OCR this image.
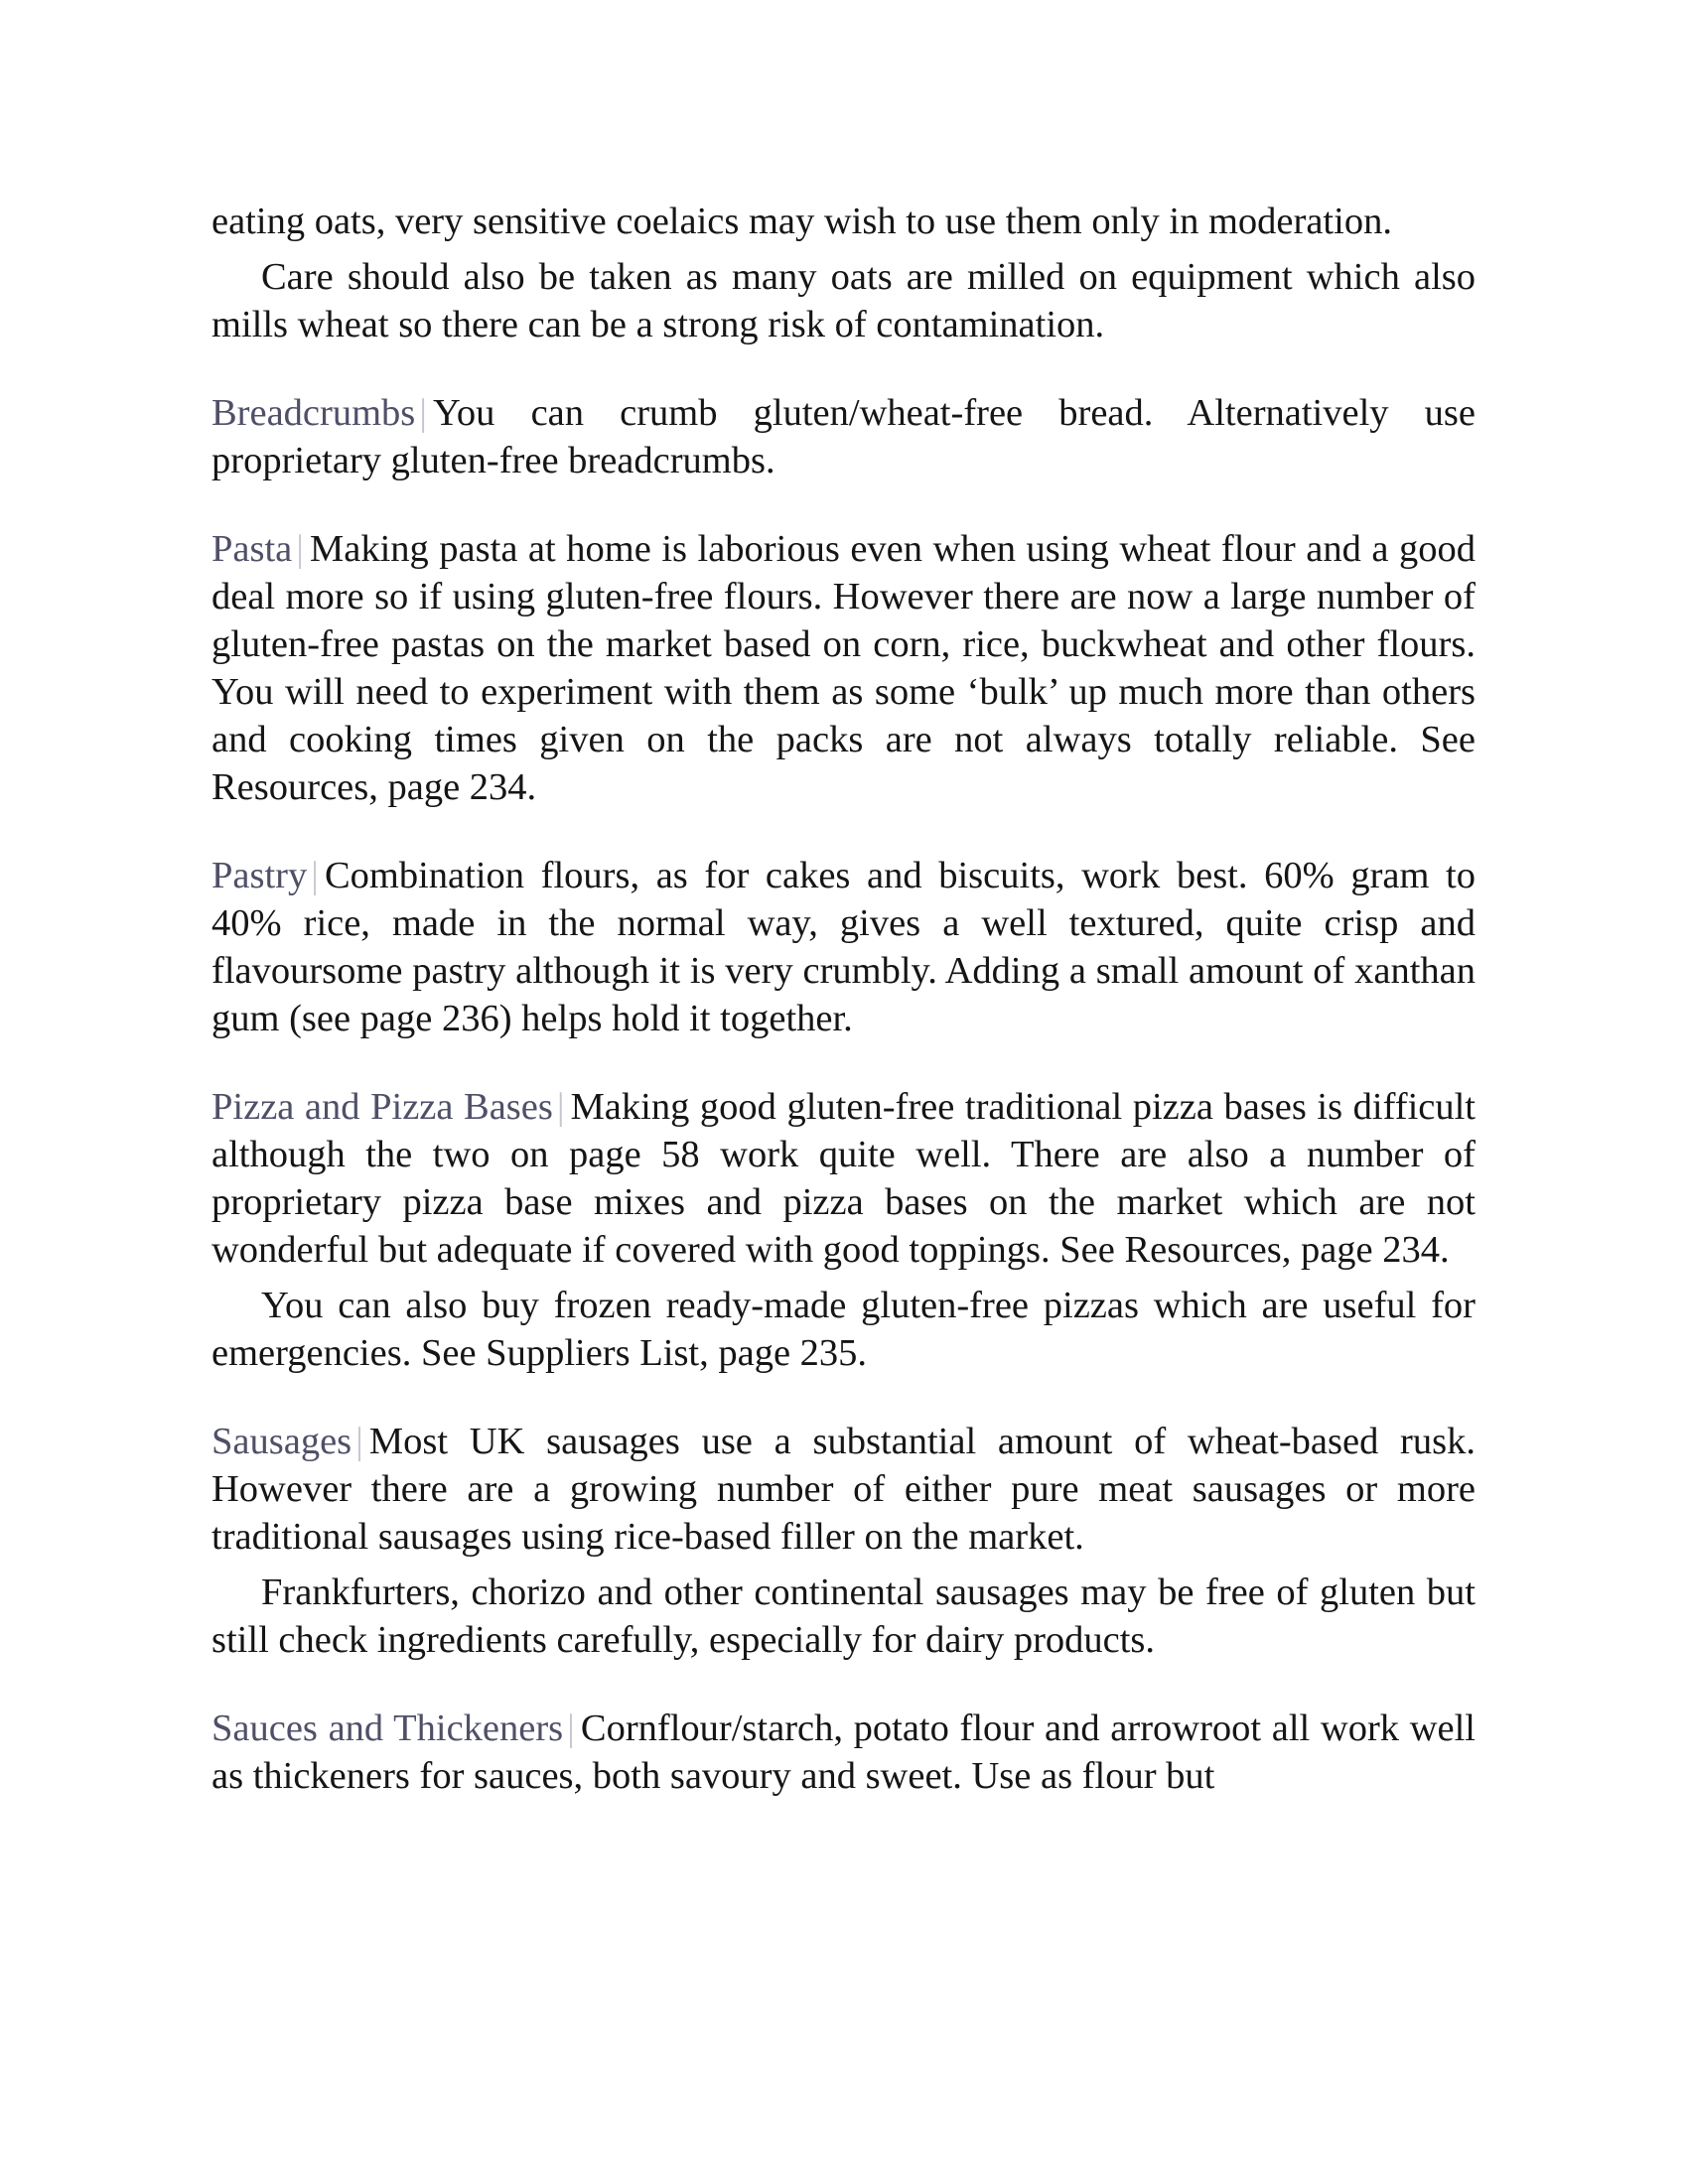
eating oats, very sensitive coelaics may wish to use them only in moderation.

Care should also be taken as many oats are milled on equipment which also mills wheat so there can be a strong risk of contamination.

Breadcrumbs | You can crumb gluten/wheat-free bread. Alternatively use proprietary gluten-free breadcrumbs.

Pasta | Making pasta at home is laborious even when using wheat flour and a good deal more so if using gluten-free flours. However there are now a large number of gluten-free pastas on the market based on corn, rice, buckwheat and other flours. You will need to experiment with them as some ‘bulk’ up much more than others and cooking times given on the packs are not always totally reliable. See Resources, page 234.

Pastry | Combination flours, as for cakes and biscuits, work best. 60% gram to 40% rice, made in the normal way, gives a well textured, quite crisp and flavoursome pastry although it is very crumbly. Adding a small amount of xanthan gum (see page 236) helps hold it together.

Pizza and Pizza Bases | Making good gluten-free traditional pizza bases is difficult although the two on page 58 work quite well. There are also a number of proprietary pizza base mixes and pizza bases on the market which are not wonderful but adequate if covered with good toppings. See Resources, page 234.

You can also buy frozen ready-made gluten-free pizzas which are useful for emergencies. See Suppliers List, page 235.

Sausages | Most UK sausages use a substantial amount of wheat-based rusk. However there are a growing number of either pure meat sausages or more traditional sausages using rice-based filler on the market.

Frankfurters, chorizo and other continental sausages may be free of gluten but still check ingredients carefully, especially for dairy products.

Sauces and Thickeners | Cornflour/starch, potato flour and arrowroot all work well as thickeners for sauces, both savoury and sweet. Use as flour but
